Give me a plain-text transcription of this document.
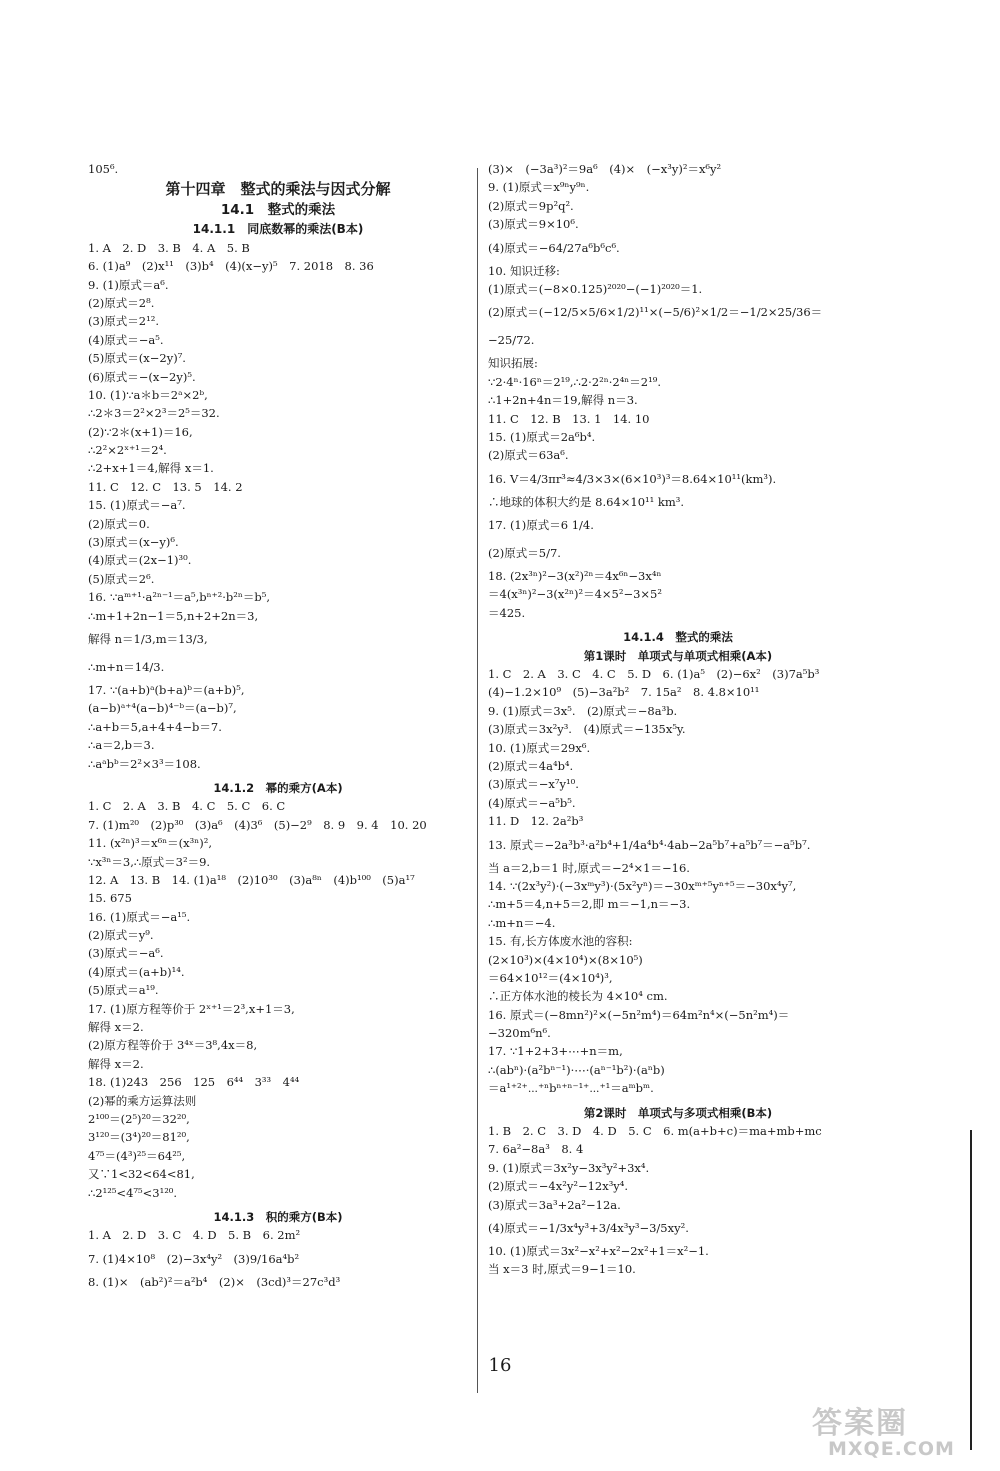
105⁶.
第十四章　整式的乘法与因式分解
14.1　整式的乘法
14.1.1　同底数幂的乘法(B本)
1. A　2. D　3. B　4. A　5. B
6. (1)a⁹　(2)x¹¹　(3)b⁴　(4)(x−y)⁵　7. 2018　8. 36
9. (1)原式＝a⁶.
(2)原式＝2⁸.
(3)原式＝2¹².
(4)原式＝−a⁵.
(5)原式＝(x−2y)⁷.
(6)原式＝−(x−2y)⁵.
10. (1)∵a＊b＝2ᵃ×2ᵇ,
∴2＊3＝2²×2³＝2⁵＝32.
(2)∵2＊(x+1)＝16,
∴2²×2ˣ⁺¹＝2⁴.
∴2+x+1＝4,解得 x＝1.
11. C　12. C　13. 5　14. 2
15. (1)原式＝−a⁷.
(2)原式＝0.
(3)原式＝(x−y)⁶.
(4)原式＝(2x−1)³⁰.
(5)原式＝2⁶.
16. ∵aᵐ⁺¹·a²ⁿ⁻¹＝a⁵,bⁿ⁺²·b²ⁿ＝b⁵,
∴m+1+2n−1＝5,n+2+2n＝3,
解得 n＝1/3,m＝13/3,
∴m+n＝14/3.
17. ∵(a+b)ᵃ(b+a)ᵇ＝(a+b)⁵,
(a−b)ᵃ⁺⁴(a−b)⁴⁻ᵇ＝(a−b)⁷,
∴a+b＝5,a+4+4−b＝7.
∴a＝2,b＝3.
∴aᵃbᵇ＝2²×3³＝108.
14.1.2　幂的乘方(A本)
1. C　2. A　3. B　4. C　5. C　6. C
7. (1)m²⁰　(2)p³⁰　(3)a⁶　(4)3⁶　(5)−2⁹　8. 9　9. 4　10. 20
11. (x²ⁿ)³＝x⁶ⁿ＝(x³ⁿ)²,
∵x³ⁿ＝3,∴原式＝3²＝9.
12. A　13. B　14. (1)a¹⁸　(2)10³⁰　(3)a⁸ⁿ　(4)b¹⁰⁰　(5)a¹⁷
15. 675
16. (1)原式＝−a¹⁵.
(2)原式＝y⁹.
(3)原式＝−a⁶.
(4)原式＝(a+b)¹⁴.
(5)原式＝a¹⁹.
17. (1)原方程等价于 2ˣ⁺¹＝2³,x+1＝3,
解得 x＝2.
(2)原方程等价于 3⁴ˣ＝3⁸,4x＝8,
解得 x＝2.
18. (1)243　256　125　6⁴⁴　3³³　4⁴⁴
(2)幂的乘方运算法则
2¹⁰⁰＝(2⁵)²⁰＝32²⁰,
3¹²⁰＝(3⁴)²⁰＝81²⁰,
4⁷⁵＝(4³)²⁵＝64²⁵,
又∵1<32<64<81,
∴2¹²⁵<4⁷⁵<3¹²⁰.
14.1.3　积的乘方(B本)
1. A　2. D　3. C　4. D　5. B　6. 2m²
7. (1)4×10⁸　(2)−3x⁴y²　(3)9/16a⁴b²
8. (1)×　(ab²)²＝a²b⁴　(2)×　(3cd)³＝27c³d³
(3)×　(−3a³)²＝9a⁶　(4)×　(−x³y)²＝x⁶y²
9. (1)原式＝x⁹ⁿy⁹ⁿ.
(2)原式＝9p²q².
(3)原式＝9×10⁶.
(4)原式＝−64/27a⁶b⁶c⁶.
10. 知识迁移:
(1)原式＝(−8×0.125)²⁰²⁰−(−1)²⁰²⁰＝1.
(2)原式＝(−12/5×5/6×1/2)¹¹×(−5/6)²×1/2＝−1/2×25/36＝
−25/72.
知识拓展:
∵2·4ⁿ·16ⁿ＝2¹⁹,∴2·2²ⁿ·2⁴ⁿ＝2¹⁹.
∴1+2n+4n＝19,解得 n＝3.
11. C　12. B　13. 1　14. 10
15. (1)原式＝2a⁶b⁴.
(2)原式＝63a⁶.
16. V＝4/3πr³≈4/3×3×(6×10³)³＝8.64×10¹¹(km³).
∴地球的体积大约是 8.64×10¹¹ km³.
17. (1)原式＝6 1/4.
(2)原式＝5/7.
18. (2x³ⁿ)²−3(x²)²ⁿ＝4x⁶ⁿ−3x⁴ⁿ
＝4(x³ⁿ)²−3(x²ⁿ)²＝4×5²−3×5²
＝425.
14.1.4　整式的乘法
第1课时　单项式与单项式相乘(A本)
1. C　2. A　3. C　4. C　5. D　6. (1)a⁵　(2)−6x²　(3)7a⁵b³
(4)−1.2×10⁹　(5)−3a²b²　7. 15a²　8. 4.8×10¹¹
9. (1)原式＝3x⁵.　(2)原式＝−8a³b.
(3)原式＝3x²y³.　(4)原式＝−135x⁵y.
10. (1)原式＝29x⁶.
(2)原式＝4a⁴b⁴.
(3)原式＝−x⁷y¹⁰.
(4)原式＝−a⁵b⁵.
11. D　12. 2a²b³
13. 原式＝−2a³b³·a²b⁴+1/4a⁴b⁴·4ab−2a⁵b⁷+a⁵b⁷＝−a⁵b⁷.
当 a＝2,b＝1 时,原式＝−2⁴×1＝−16.
14. ∵(2x³y²)·(−3xᵐy³)·(5x²yⁿ)＝−30xᵐ⁺⁵yⁿ⁺⁵＝−30x⁴y⁷,
∴m+5＝4,n+5＝2,即 m＝−1,n＝−3.
∴m+n＝−4.
15. 有,长方体废水池的容积:
(2×10³)×(4×10⁴)×(8×10⁵)
＝64×10¹²＝(4×10⁴)³,
∴正方体水池的棱长为 4×10⁴ cm.
16. 原式＝(−8mn²)²×(−5n²m⁴)＝64m²n⁴×(−5n²m⁴)＝
−320m⁶n⁶.
17. ∵1+2+3+⋯+n＝m,
∴(abⁿ)·(a²bⁿ⁻¹)·⋯·(aⁿ⁻¹b²)·(aⁿb)
＝a¹⁺²⁺⋯⁺ⁿbⁿ⁺ⁿ⁻¹⁺⋯⁺¹＝aᵐbᵐ.
第2课时　单项式与多项式相乘(B本)
1. B　2. C　3. D　4. D　5. C　6. m(a+b+c)＝ma+mb+mc
7. 6a²−8a³　8. 4
9. (1)原式＝3x²y−3x³y²+3x⁴.
(2)原式＝−4x²y²−12x³y⁴.
(3)原式＝3a³+2a²−12a.
(4)原式＝−1/3x⁴y³+3/4x³y³−3/5xy².
10. (1)原式＝3x²−x²+x²−2x²+1＝x²−1.
当 x＝3 时,原式＝9−1＝10.
16
答案圈
MXQE.COM
